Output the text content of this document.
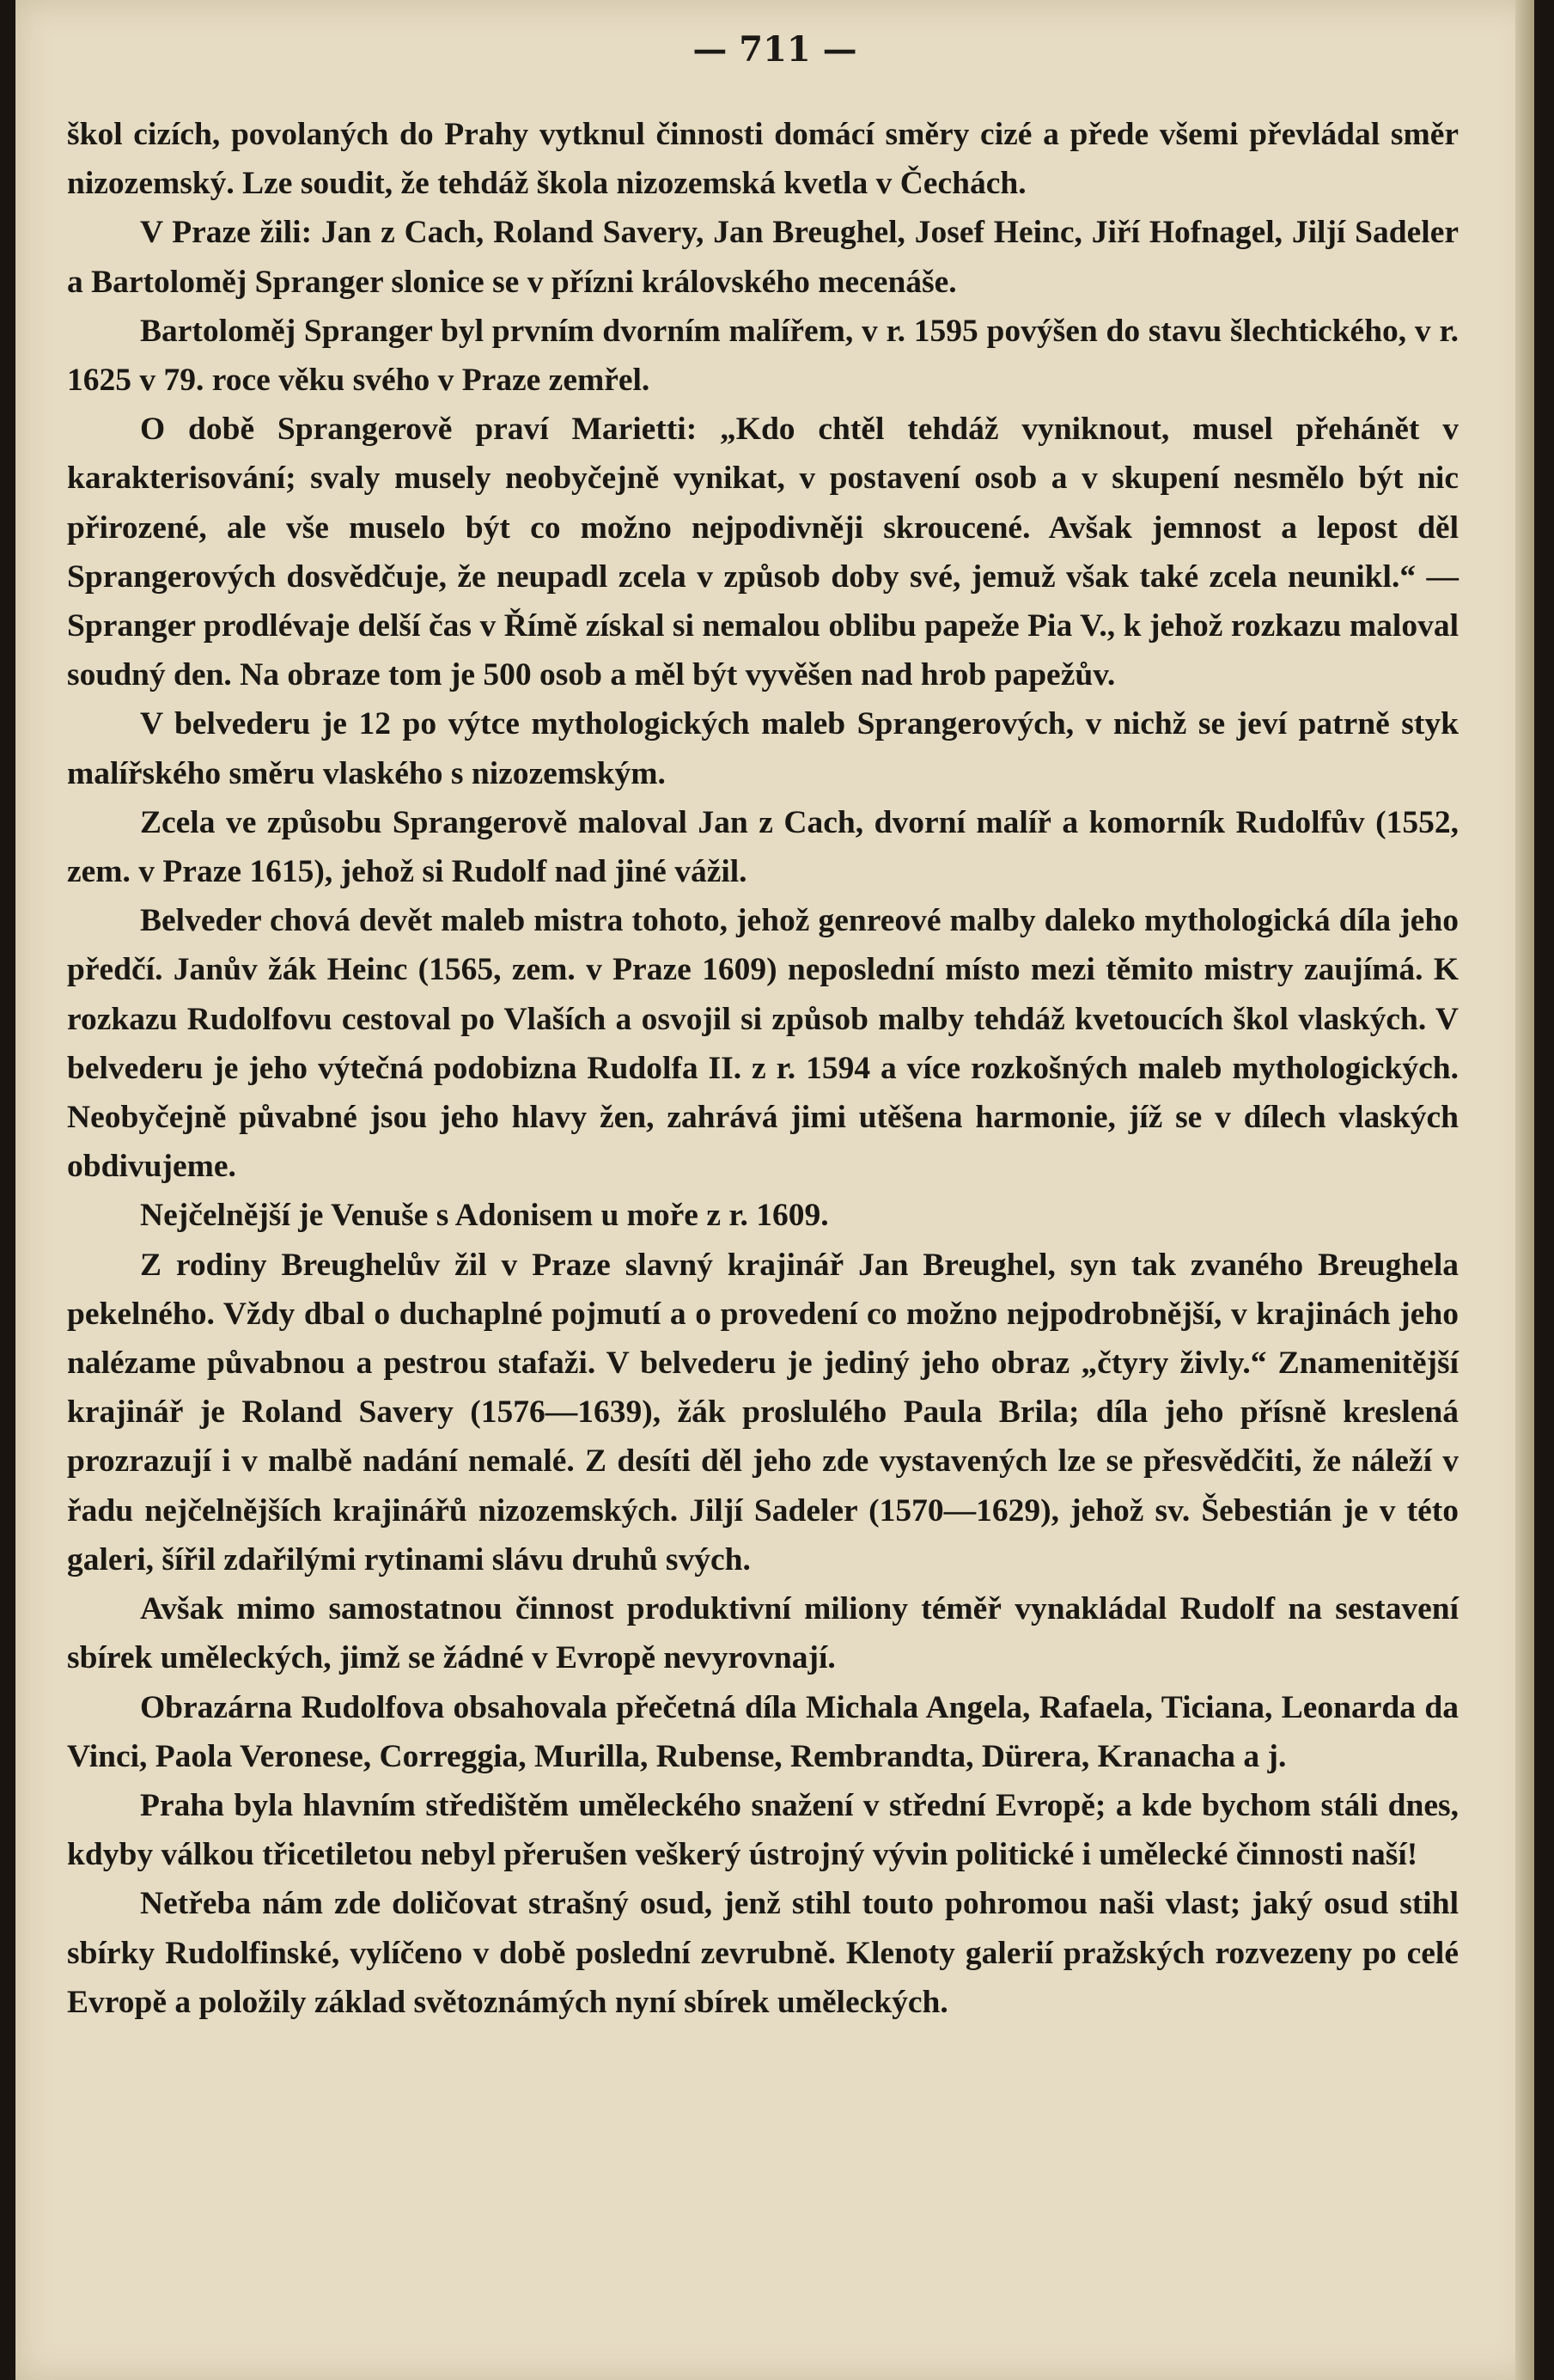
— 711 —

škol cizích, povolaných do Prahy vytknul činnosti domácí směry cizé a přede všemi převládal směr nizozemský. Lze soudit, že tehdáž škola nizozemská kvetla v Čechách.

V Praze žili: Jan z Cach, Roland Savery, Jan Breughel, Josef Heinc, Jiří Hofnagel, Jiljí Sadeler a Bartoloměj Spranger slonice se v přízni královského mecenáše.

Bartoloměj Spranger byl prvním dvorním malířem, v r. 1595 povýšen do stavu šlechtického, v r. 1625 v 79. roce věku svého v Praze zemřel.

O době Sprangerově praví Marietti: „Kdo chtěl tehdáž vyniknout, musel přehánět v karakterisování; svaly musely neobyčejně vynikat, v postavení osob a v skupení nesmělo být nic přirozené, ale vše muselo být co možno nejpodivněji skroucené. Avšak jemnost a lepost děl Sprangerových dosvědčuje, že neupadl zcela v způsob doby své, jemuž však také zcela neunikl.“ — Spranger prodlévaje delší čas v Římě získal si nemalou oblibu papeže Pia V., k jehož rozkazu maloval soudný den. Na obraze tom je 500 osob a měl být vyvěšen nad hrob papežův.

V belvederu je 12 po výtce mythologických maleb Sprangerových, v nichž se jeví patrně styk malířského směru vlaského s nizozemským.

Zcela ve způsobu Sprangerově maloval Jan z Cach, dvorní malíř a komorník Rudolfův (1552, zem. v Praze 1615), jehož si Rudolf nad jiné vážil.

Belveder chová devět maleb mistra tohoto, jehož genreové malby daleko mythologická díla jeho předčí. Janův žák Heinc (1565, zem. v Praze 1609) neposlední místo mezi těmito mistry zaujímá. K rozkazu Rudolfovu cestoval po Vlaších a osvojil si způsob malby tehdáž kvetoucích škol vlaských. V belvederu je jeho výtečná podobizna Rudolfa II. z r. 1594 a více rozkošných maleb mythologických. Neobyčejně půvabné jsou jeho hlavy žen, zahrává jimi utěšena harmonie, jíž se v dílech vlaských obdivujeme.

Nejčelnější je Venuše s Adonisem u moře z r. 1609.

Z rodiny Breughelův žil v Praze slavný krajinář Jan Breughel, syn tak zvaného Breughela pekelného. Vždy dbal o duchaplné pojmutí a o provedení co možno nejpodrobnější, v krajinách jeho nalézame půvabnou a pestrou stafaži. V belvederu je jediný jeho obraz „čtyry živly.“ Znamenitější krajinář je Roland Savery (1576—1639), žák proslulého Paula Brila; díla jeho přísně kreslená prozrazují i v malbě nadání nemalé. Z desíti děl jeho zde vystavených lze se přesvědčiti, že náleží v řadu nejčelnějších krajinářů nizozemských. Jiljí Sadeler (1570—1629), jehož sv. Šebestián je v této galeri, šířil zdařilými rytinami slávu druhů svých.

Avšak mimo samostatnou činnost produktivní miliony téměř vynakládal Rudolf na sestavení sbírek uměleckých, jimž se žádné v Evropě nevyrovnají.

Obrazárna Rudolfova obsahovala přečetná díla Michala Angela, Rafaela, Ticiana, Leonarda da Vinci, Paola Veronese, Correggia, Murilla, Rubense, Rembrandta, Dürera, Kranacha a j.

Praha byla hlavním středištěm uměleckého snažení v střední Evropě; a kde bychom stáli dnes, kdyby válkou třicetiletou nebyl přerušen veškerý ústrojný vývin politické i umělecké činnosti naší!

Netřeba nám zde doličovat strašný osud, jenž stihl touto pohromou naši vlast; jaký osud stihl sbírky Rudolfinské, vylíčeno v době poslední zevrubně. Klenoty galerií pražských rozvezeny po celé Evropě a položily základ světoznámých nyní sbírek uměleckých.
